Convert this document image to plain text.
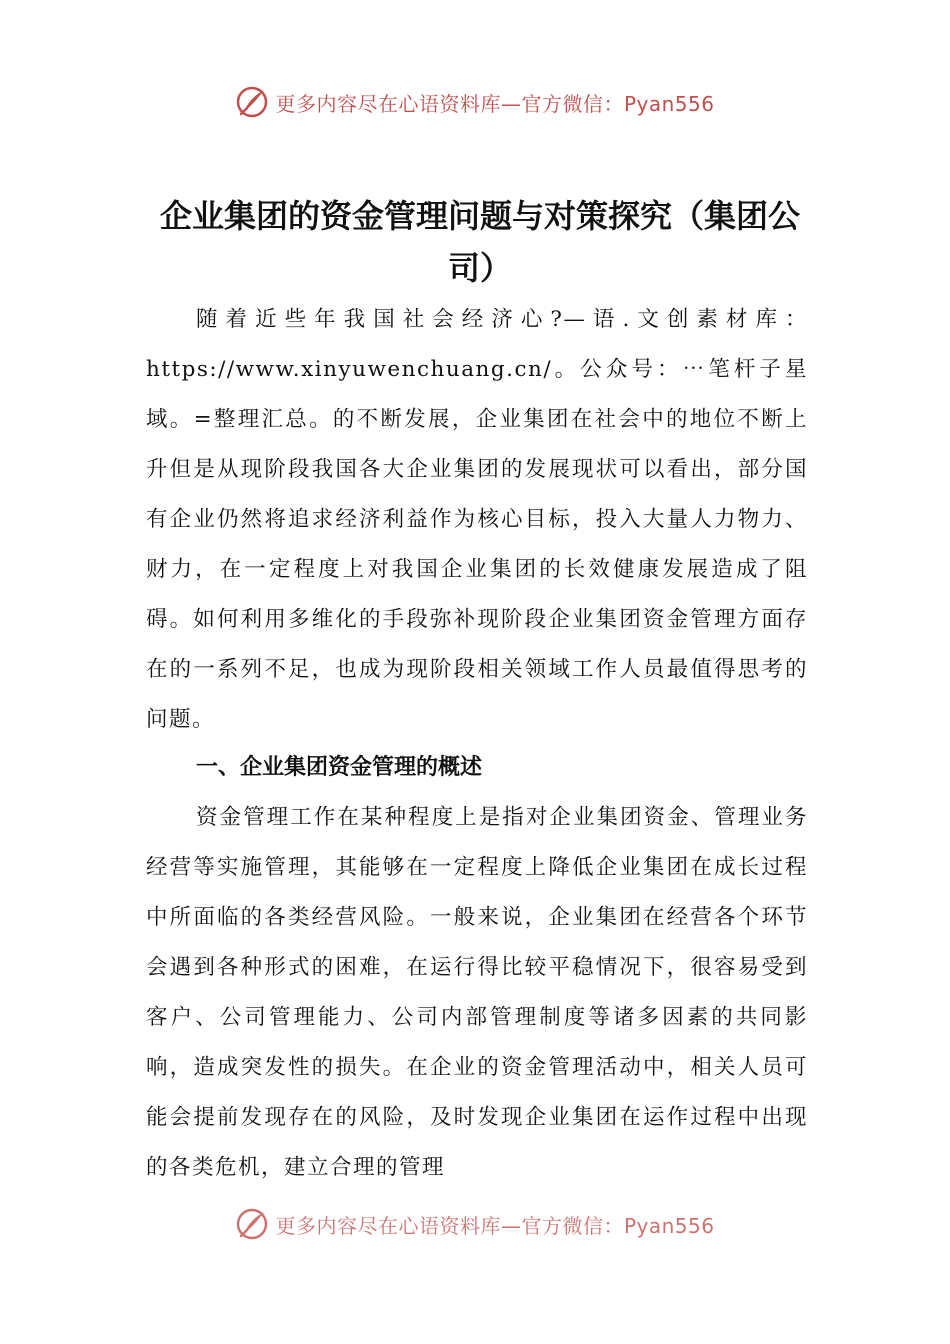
更多内容尽在心语资料库—官方微信：Pyan556
企业集团的资金管理问题与对策探究（集团公司）

随着近些年我国社会经济心?—语.文创素材库：https://www.xinyuwenchuang.cn/。公众号：⋯笔杆子星域。=整理汇总。的不断发展，企业集团在社会中的地位不断上升但是从现阶段我国各大企业集团的发展现状可以看出，部分国有企业仍然将追求经济利益作为核心目标，投入大量人力物力、财力，在一定程度上对我国企业集团的长效健康发展造成了阻碍。如何利用多维化的手段弥补现阶段企业集团资金管理方面存在的一系列不足，也成为现阶段相关领域工作人员最值得思考的问题。

一、企业集团资金管理的概述

资金管理工作在某种程度上是指对企业集团资金、管理业务经营等实施管理，其能够在一定程度上降低企业集团在成长过程中所面临的各类经营风险。一般来说，企业集团在经营各个环节会遇到各种形式的困难，在运行得比较平稳情况下，很容易受到客户、公司管理能力、公司内部管理制度等诸多因素的共同影响，造成突发性的损失。在企业的资金管理活动中，相关人员可能会提前发现存在的风险，及时发现企业集团在运作过程中出现的各类危机，建立合理的管理

更多内容尽在心语资料库—官方微信：Pyan556
